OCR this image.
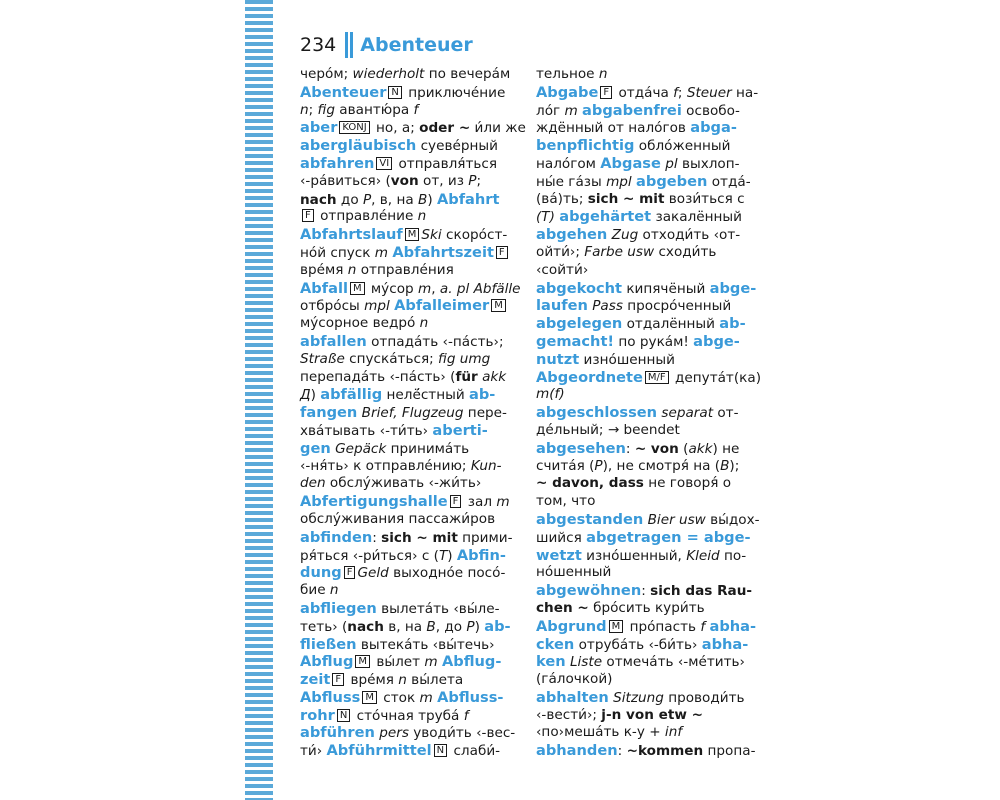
234 Abenteuer
черо́м; wiederholt по вечера́м
Abenteuer N приключе́ние
n; fig авантю́ра f
aber KONJ но, а; oder ~ и́ли же
abergläubisch суеве́рный
abfahren VI отправля́ться
‹-ра́виться› (von от, из P;
nach до P, в, на B) Abfahrt
F отправле́ние n
Abfahrtslauf M Ski скоро́ст-
но́й спуск m Abfahrtszeit F
вре́мя n отправле́ния
Abfall M му́сор m, a. pl Abfälle
отбро́сы mpl Abfalleimer M
му́сорное ведро́ n
abfallen отпада́ть ‹-па́сть›;
Straße спуска́ться; fig umg
перепада́ть ‹-па́сть› (für akk
Д) abfällig нелё́стный ab-
fangen Brief, Flugzeug пере-
хва́тывать ‹-ти́ть› aberti-
gen Gepäck принима́ть
‹-ня́ть› к отправле́нию; Kun-
den обслу́живать ‹-жи́ть›
Abfertigungshalle F зал m
обслу́живания пассажи́ров
abfinden: sich ~ mit прими-
ря́ться ‹-ри́ться› с (T) Abfin-
dung F Geld выходно́е посо́-
бие n
abfliegen вылета́ть ‹вы́ле-
теть› (nach в, на B, до P) ab-
fließen вытека́ть ‹вы́течь›
Abflug M вы́лет m Abflug-
zeit F вре́мя n вы́лета
Abfluss M сток m Abfluss-
rohr N сто́чная труба́ f
abführen pers уводи́ть ‹-вес-
ти́› Abführmittel N слаби́-
тельное n
Abgabe F отда́ча f; Steuer на-
ло́г m abgabenfrei освобо-
ждённый от нало́гов abga-
benpflichtig обло́женный
нало́гом Abgase pl выхлоп-
ны́е га́зы mpl abgeben отда́-
(ва́)ть; sich ~ mit вози́ться с
(T) abgehärtet закалённый
abgehen Zug отходи́ть ‹от-
ойти́›; Farbe usw сходи́ть
‹сойти́›
abgekocht кипячёный abge-
laufen Pass просро́ченный
abgelegen отдалённый ab-
gemacht! по рука́м! abge-
nutzt изно́шенный
Abgeordnete M/F депута́т(ка)
m(f)
abgeschlossen separat от-
де́льный; → beendet
abgesehen: ~ von (akk) не
счита́я (P), не смотря́ на (B);
~ davon, dass не говоря́ о
том, что
abgestanden Bier usw вы́дох-
шийся abgetragen = abge-
wetzt изно́шенный, Kleid по-
но́шенный
abgewöhnen: sich das Rau-
chen ~ бро́сить кури́ть
Abgrund M про́пасть f abha-
cken отруба́ть ‹-би́ть› abha-
ken Liste отмеча́ть ‹-ме́тить›
(га́лочкой)
abhalten Sitzung проводи́ть
‹-вести́›; j-n von etw ~
‹по›меша́ть к-у + inf
abhanden: ~kommen пропа-
